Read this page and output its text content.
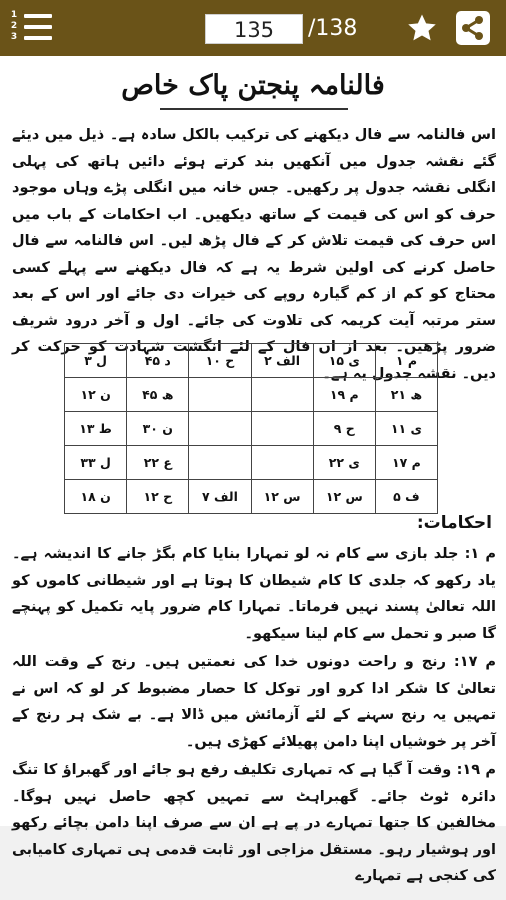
1
2
3	135	/138
فالنامہ پنجتن پاک خاص
اس فالنامہ سے فال دیکھنے کی ترکیب بالکل سادہ ہے۔ ذیل میں دیئے گئے نقشہ جدول میں آنکھیں بند کرتے ہوئے دائیں ہاتھ کی پہلی انگلی نقشہ جدول پر رکھیں۔ جس خانہ میں انگلی پڑے وہاں موجود حرف کو اس کی قیمت کے ساتھ دیکھیں۔ اب احکامات کے باب میں اس حرف کی قیمت تلاش کر کے فال پڑھ لیں۔ اس فالنامہ سے فال حاصل کرنے کی اولین شرط یہ ہے کہ فال دیکھنے سے پہلے کسی محتاج کو کم از کم گیارہ روپے کی خیرات دی جائے اور اس کے بعد ستر مرتبہ آیت کریمہ کی تلاوت کی جائے۔ اول و آخر درود شریف ضرور پڑھیں۔ بعد از اں فال کے لئے انگشت شہادت کو حرکت کر دیں۔ نقشہ جدول یہ ہے۔
م ۱	ی ۱۵	الف ۲	ح ۱۰	د ۴۵	ل ۳
ھ ۲۱	م ۱۹			ھ ۴۵	ن ۱۲
ی ۱۱	ح ۹			ن ۳۰	ط ۱۳
م ۱۷	ی ۲۲			ع ۲۲	ل ۳۳
ف ۵	س ۱۲	س ۱۲	الف ۷	ح ۱۲	ن ۱۸
احکامات:

م ۱: جلد بازی سے کام نہ لو تمہارا بنایا کام بگڑ جانے کا اندیشہ ہے۔ یاد رکھو کہ جلدی کا کام شیطان کا ہوتا ہے اور شیطانی کاموں کو اللہ تعالیٰ پسند نہیں فرماتا۔ تمہارا کام ضرور پایہ تکمیل کو پہنچے گا صبر و تحمل سے کام لینا سیکھو۔

م ۱۷: رنج و راحت دونوں خدا کی نعمتیں ہیں۔ رنج کے وقت اللہ تعالیٰ کا شکر ادا کرو اور توکل کا حصار مضبوط کر لو کہ اس نے تمہیں یہ رنج سہنے کے لئے آزمائش میں ڈالا ہے۔ بے شک ہر رنج کے آخر پر خوشیاں اپنا دامن پھیلائے کھڑی ہیں۔

م ۱۹: وقت آ گیا ہے کہ تمہاری تکلیف رفع ہو جائے اور گھبراؤ کا تنگ دائرہ ٹوٹ جائے۔ گھبراہٹ سے تمہیں کچھ حاصل نہیں ہوگا۔ مخالفین کا جتھا تمہارے در پے ہے ان سے صرف اپنا دامن بچائے رکھو اور ہوشیار رہو۔ مستقل مزاجی اور ثابت قدمی ہی تمہاری کامیابی کی کنجی ہے تمہارے
